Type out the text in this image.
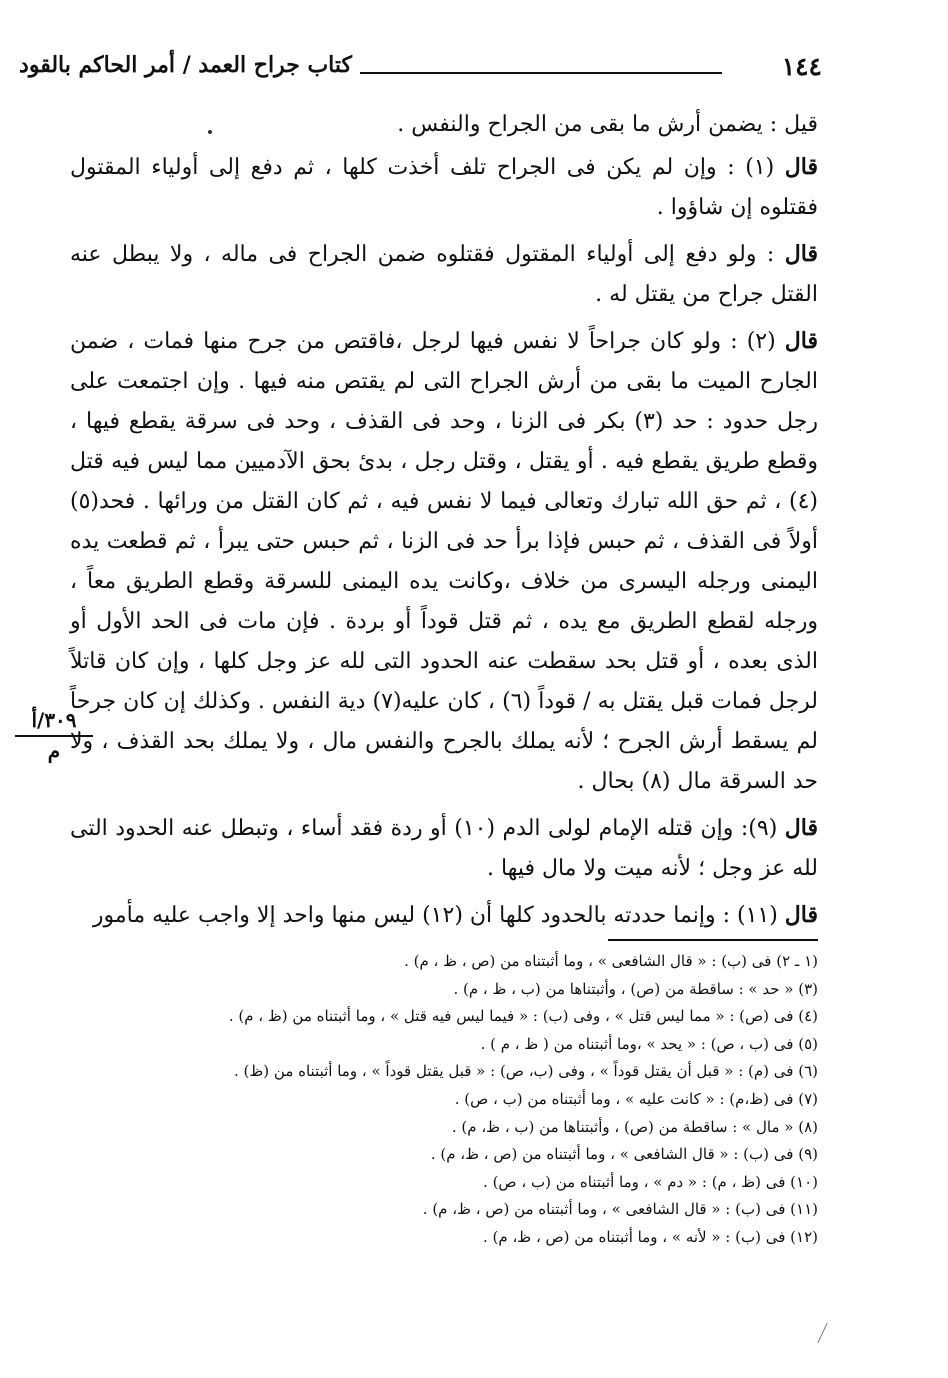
١٤٤
كتاب جراح العمد / أمر الحاكم بالقود

قيل : يضمن أرش ما بقى من الجراح والنفس .

قال (١) : وإن لم يكن فى الجراح تلف أخذت كلها ، ثم دفع إلى أولياء المقتول فقتلوه إن شاؤوا .

قال : ولو دفع إلى أولياء المقتول فقتلوه ضمن الجراح فى ماله ، ولا يبطل عنه القتل جراح من يقتل له .

قال (٢) : ولو كان جراحاً لا نفس فيها لرجل ،فاقتص من جرح منها فمات ، ضمن الجارح الميت ما بقى من أرش الجراح التى لم يقتص منه فيها . وإن اجتمعت على رجل حدود : حد (٣) بكر فى الزنا ، وحد فى القذف ، وحد فى سرقة يقطع فيها ، وقطع طريق يقطع فيه . أو يقتل ، وقتل رجل ، بدئ بحق الآدميين مما ليس فيه قتل (٤) ، ثم حق الله تبارك وتعالى فيما لا نفس فيه ، ثم كان القتل من ورائها . فحد(٥) أولاً فى القذف ، ثم حبس فإذا برأ حد فى الزنا ، ثم حبس حتى يبرأ ، ثم قطعت يده اليمنى ورجله اليسرى من خلاف ،وكانت يده اليمنى للسرقة وقطع الطريق معاً ، ورجله لقطع الطريق مع يده ، ثم قتل قوداً أو بردة . فإن مات فى الحد الأول أو الذى بعده ، أو قتل بحد سقطت عنه الحدود التى لله عز وجل كلها ، وإن كان قاتلاً لرجل فمات قبل يقتل به / قوداً (٦) ، كان عليه(٧) دية النفس . وكذلك إن كان جرحاً لم يسقط أرش الجرح ؛ لأنه يملك بالجرح والنفس مال ، ولا يملك بحد القذف ، ولا حد السرقة مال (٨) بحال .

قال (٩): وإن قتله الإمام لولى الدم (١٠) أو ردة فقد أساء ، وتبطل عنه الحدود التى لله عز وجل ؛ لأنه ميت ولا مال فيها .

قال (١١) : وإنما حددته بالحدود كلها أن (١٢) ليس منها واحد إلا واجب عليه مأمور

٣٠٩/أ
م
(١ ـ ٢) فى (ب) : « قال الشافعى » ، وما أثبتناه من (ص ، ظ ، م) .
(٣) « حد » : ساقطة من (ص) ، وأثبتناها من (ب ، ظ ، م) .
(٤) فى (ص) : « مما ليس قتل » ، وفى (ب) : « فيما ليس فيه قتل » ، وما أثبتناه من (ظ ، م) .
(٥) فى (ب ، ص) : « يحد » ،وما أثبتناه من ( ظ ، م ) .
(٦) فى (م) : « قبل أن يقتل قوداً » ، وفى (ب، ص) : « قبل يقتل قوداً » ، وما أثبتناه من (ظ) .
(٧) فى (ظ،م) : « كانت عليه » ، وما أثبتناه من (ب ، ص) .
(٨) « مال » : ساقطة من (ص) ، وأثبتناها من (ب ، ظ، م) .
(٩) فى (ب) : « قال الشافعى » ، وما أثبتناه من (ص ، ظ، م) .
(١٠) فى (ظ ، م) : « دم » ، وما أثبتناه من (ب ، ص) .
(١١) فى (ب) : « قال الشافعى » ، وما أثبتناه من (ص ، ظ، م) .
(١٢) فى (ب) : « لأنه » ، وما أثبتناه من (ص ، ظ، م) .
